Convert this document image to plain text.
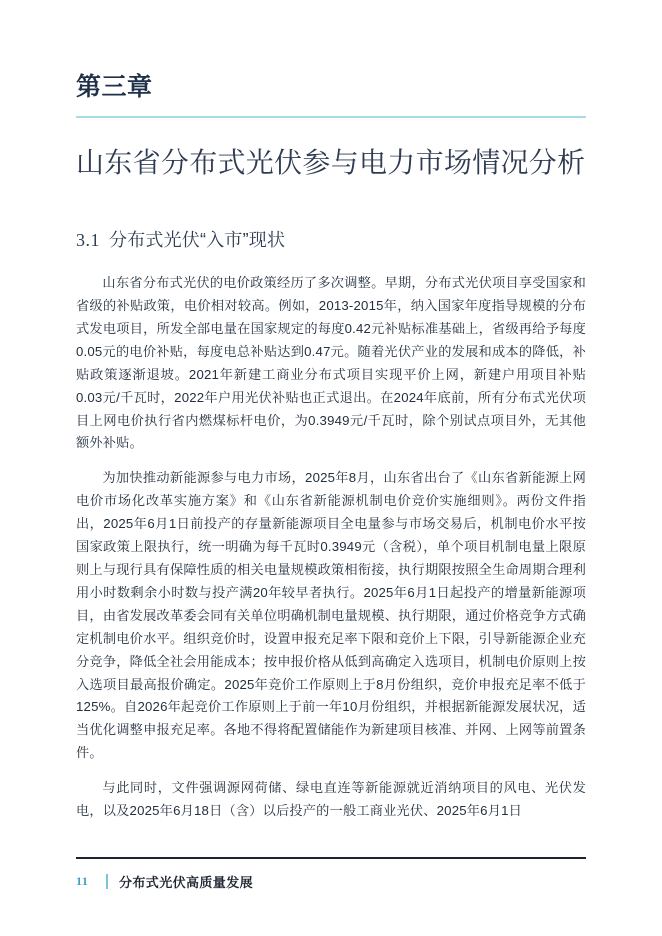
第三章
山东省分布式光伏参与电力市场情况分析
3.1 分布式光伏“入市”现状

山东省分布式光伏的电价政策经历了多次调整。早期，分布式光伏项目享受国家和省级的补贴政策，电价相对较高。例如，2013-2015年，纳入国家年度指导规模的分布式发电项目，所发全部电量在国家规定的每度0.42元补贴标准基础上，省级再给予每度0.05元的电价补贴，每度电总补贴达到0.47元。随着光伏产业的发展和成本的降低，补贴政策逐渐退坡。2021年新建工商业分布式项目实现平价上网，新建户用项目补贴0.03元/千瓦时，2022年户用光伏补贴也正式退出。在2024年底前，所有分布式光伏项目上网电价执行省内燃煤标杆电价，为0.3949元/千瓦时，除个别试点项目外，无其他额外补贴。

为加快推动新能源参与电力市场，2025年8月，山东省出台了《山东省新能源上网电价市场化改革实施方案》和《山东省新能源机制电价竞价实施细则》。两份文件指出，2025年6月1日前投产的存量新能源项目全电量参与市场交易后，机制电价水平按国家政策上限执行，统一明确为每千瓦时0.3949元（含税），单个项目机制电量上限原则上与现行具有保障性质的相关电量规模政策相衔接，执行期限按照全生命周期合理利用小时数剩余小时数与投产满20年较早者执行。2025年6月1日起投产的增量新能源项目，由省发展改革委会同有关单位明确机制电量规模、执行期限，通过价格竞争方式确定机制电价水平。组织竞价时，设置申报充足率下限和竞价上下限，引导新能源企业充分竞争，降低全社会用能成本；按申报价格从低到高确定入选项目，机制电价原则上按入选项目最高报价确定。2025年竞价工作原则上于8月份组织，竞价申报充足率不低于125%。自2026年起竞价工作原则上于前一年10月份组织，并根据新能源发展状况，适当优化调整申报充足率。各地不得将配置储能作为新建项目核准、并网、上网等前置条件。

与此同时，文件强调源网荷储、绿电直连等新能源就近消纳项目的风电、光伏发电，以及2025年6月18日（含）以后投产的一般工商业光伏、2025年6月1日

11	分布式光伏高质量发展
